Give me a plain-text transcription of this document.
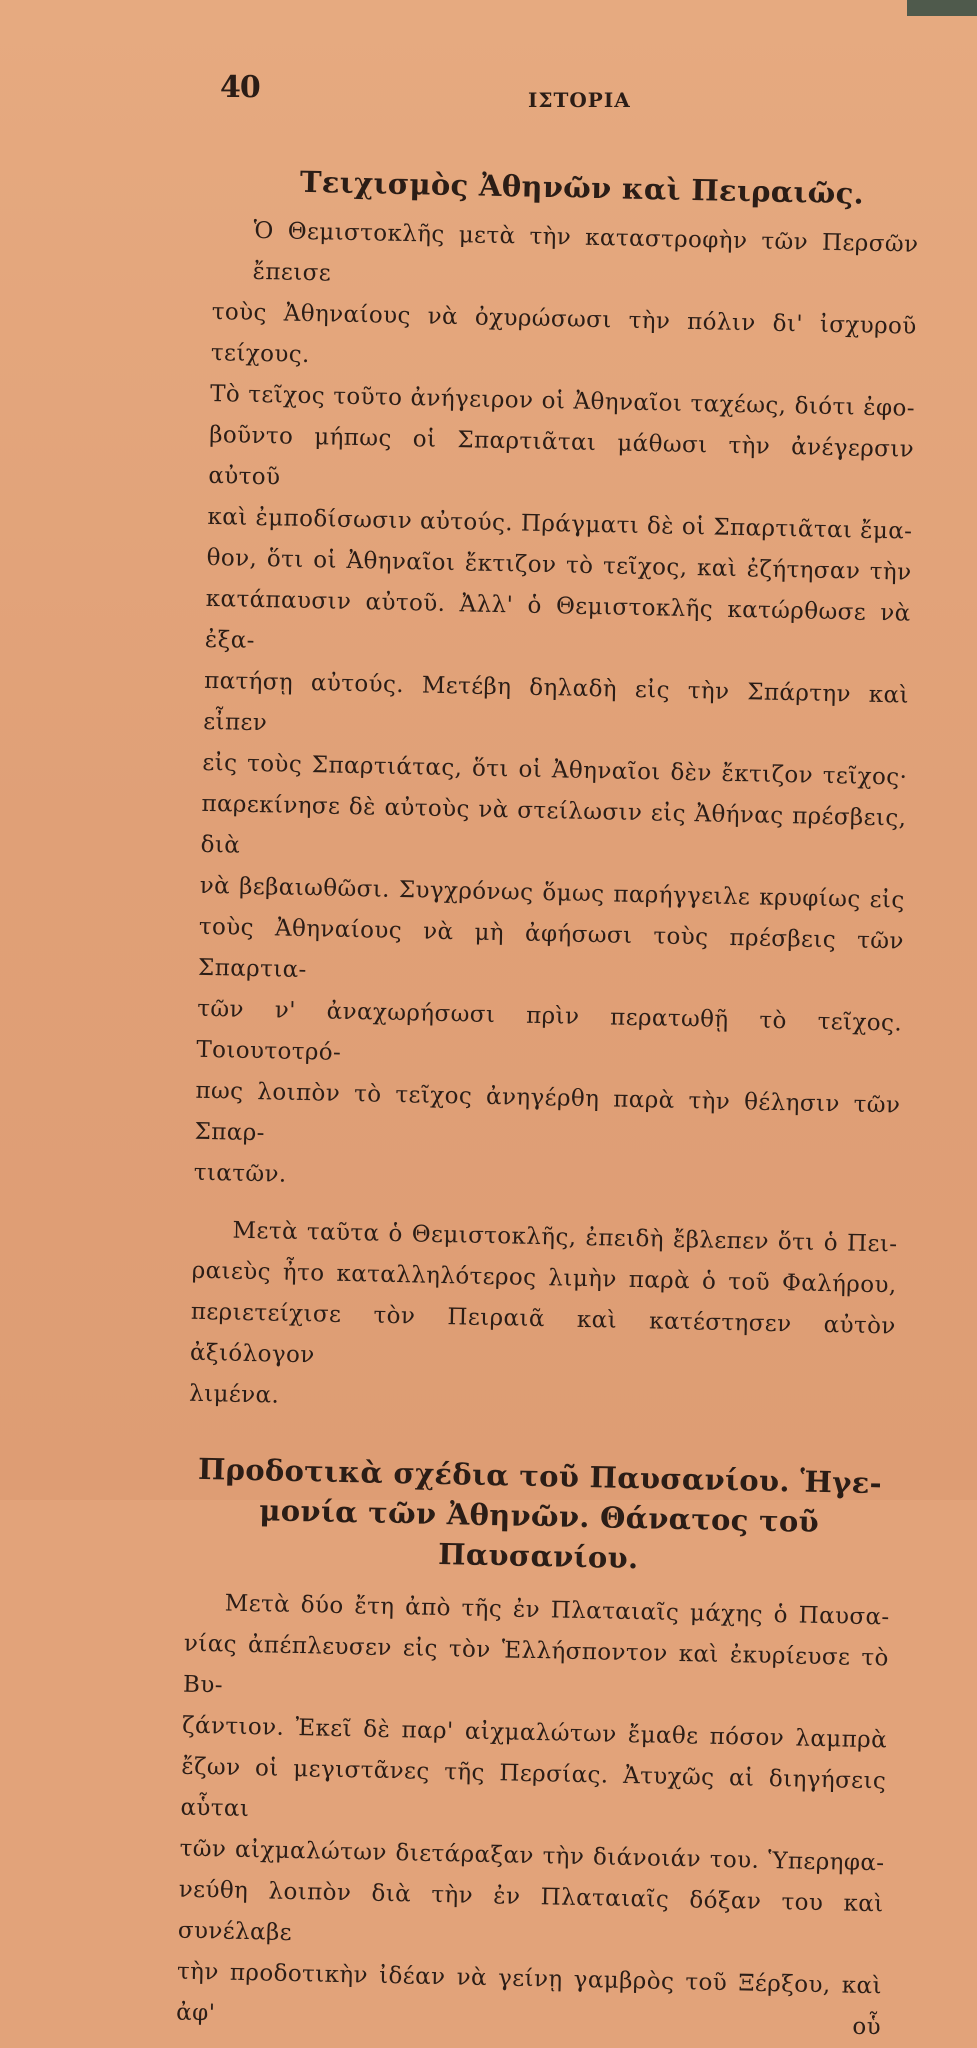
40	ΙΣΤΟΡΙΑ
Τειχισμὸς Ἀθηνῶν καὶ Πειραιῶς.

Ὁ Θεμιστοκλῆς μετὰ τὴν καταστροφὴν τῶν Περσῶν ἔπεισε
τοὺς Ἀθηναίους νὰ ὀχυρώσωσι τὴν πόλιν δι' ἰσχυροῦ τείχους.
Τὸ τεῖχος τοῦτο ἀνήγειρον οἱ Ἀθηναῖοι ταχέως, διότι ἐφο-
βοῦντο μήπως οἱ Σπαρτιᾶται μάθωσι τὴν ἀνέγερσιν αὐτοῦ
καὶ ἐμποδίσωσιν αὐτούς. Πράγματι δὲ οἱ Σπαρτιᾶται ἔμα-
θον, ὅτι οἱ Ἀθηναῖοι ἔκτιζον τὸ τεῖχος, καὶ ἐζήτησαν τὴν
κατάπαυσιν αὐτοῦ. Ἀλλ' ὁ Θεμιστοκλῆς κατώρθωσε νὰ ἐξα-
πατήσῃ αὐτούς. Μετέβη δηλαδὴ εἰς τὴν Σπάρτην καὶ εἶπεν
εἰς τοὺς Σπαρτιάτας, ὅτι οἱ Ἀθηναῖοι δὲν ἔκτιζον τεῖχος·
παρεκίνησε δὲ αὐτοὺς νὰ στείλωσιν εἰς Ἀθήνας πρέσβεις, διὰ
νὰ βεβαιωθῶσι. Συγχρόνως ὅμως παρήγγειλε κρυφίως εἰς
τοὺς Ἀθηναίους νὰ μὴ ἀφήσωσι τοὺς πρέσβεις τῶν Σπαρτια-
τῶν ν' ἀναχωρήσωσι πρὶν περατωθῇ τὸ τεῖχος. Τοιουτοτρό-
πως λοιπὸν τὸ τεῖχος ἀνηγέρθη παρὰ τὴν θέλησιν τῶν Σπαρ-
τιατῶν.

Μετὰ ταῦτα ὁ Θεμιστοκλῆς, ἐπειδὴ ἔβλεπεν ὅτι ὁ Πει-
ραιεὺς ἦτο καταλληλότερος λιμὴν παρὰ ὁ τοῦ Φαλήρου,
περιετείχισε τὸν Πειραιᾶ καὶ κατέστησεν αὐτὸν ἀξιόλογον
λιμένα.

Προδοτικὰ σχέδια τοῦ Παυσανίου. Ἡγε-
μονία τῶν Ἀθηνῶν. Θάνατος τοῦ
Παυσανίου.

Μετὰ δύο ἔτη ἀπὸ τῆς ἐν Πλαταιαῖς μάχης ὁ Παυσα-
νίας ἀπέπλευσεν εἰς τὸν Ἑλλήσποντον καὶ ἐκυρίευσε τὸ Βυ-
ζάντιον. Ἐκεῖ δὲ παρ' αἰχμαλώτων ἔμαθε πόσον λαμπρὰ
ἔζων οἱ μεγιστᾶνες τῆς Περσίας. Ἀτυχῶς αἱ διηγήσεις αὗται
τῶν αἰχμαλώτων διετάραξαν τὴν διάνοιάν του. Ὑπερηφα-
νεύθη λοιπὸν διὰ τὴν ἐν Πλαταιαῖς δόξαν του καὶ συνέλαβε
τὴν προδοτικὴν ἰδέαν νὰ γείνῃ γαμβρὸς τοῦ Ξέρξου, καὶ ἀφ' οὗ
